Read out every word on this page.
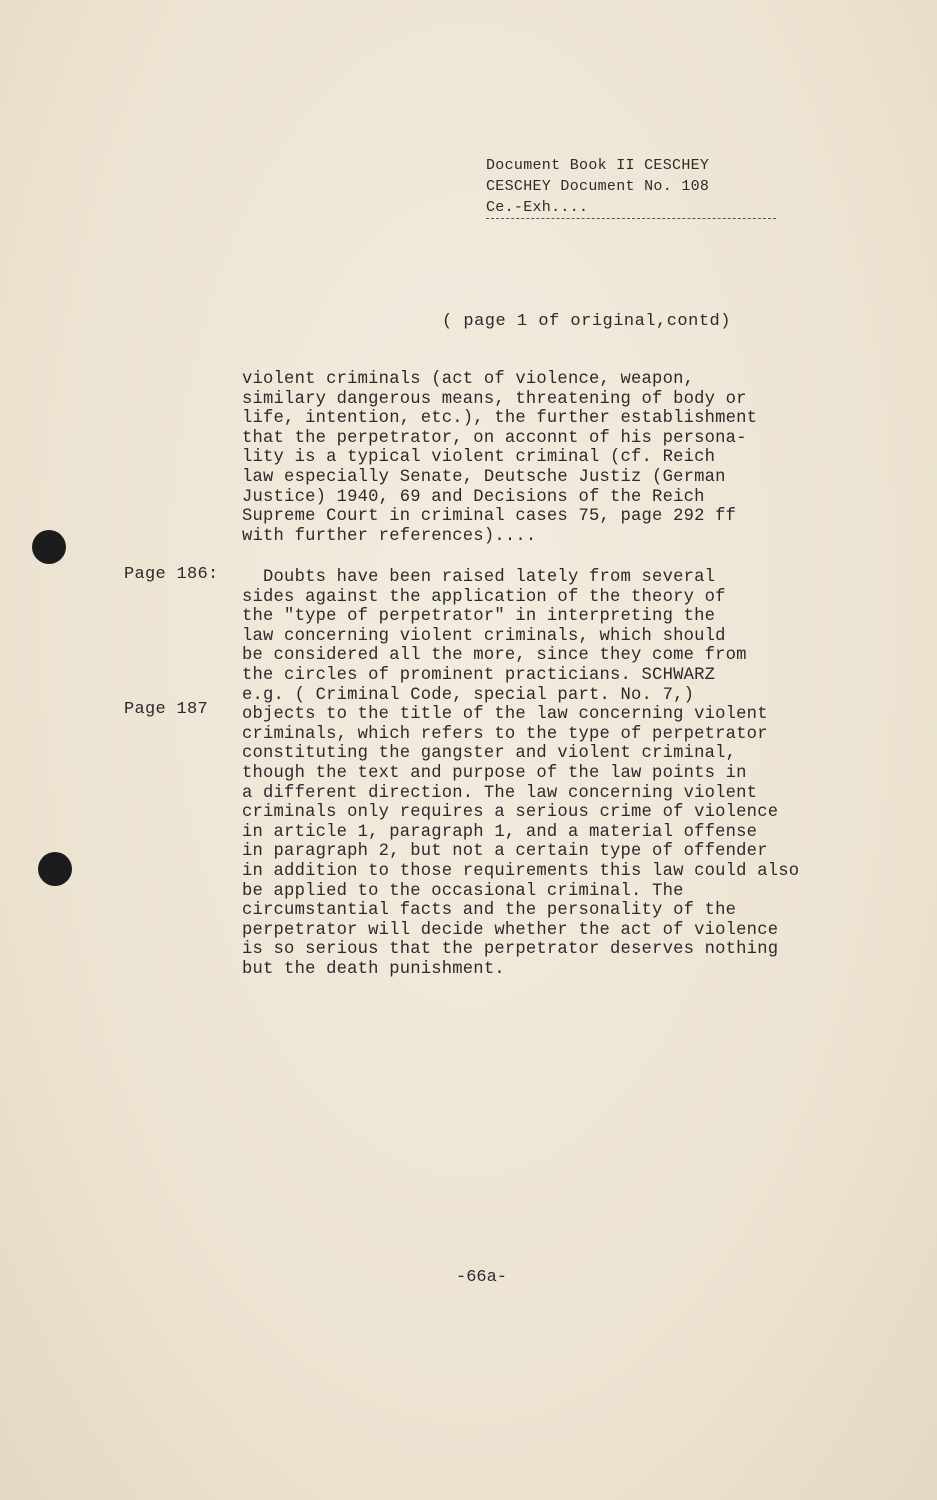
Document Book II CESCHEY
CESCHEY Document No. 108
Ce.-Exh....
( page 1 of original,contd)
violent criminals (act of violence, weapon,
similary dangerous means, threatening of body or
life, intention, etc.), the further establishment
that the perpetrator, on acconnt of his persona-
lity is a typical violent criminal (cf. Reich
law especially Senate, Deutsche Justiz (German
Justice) 1940, 69 and Decisions of the Reich
Supreme Court in criminal cases 75, page 292 ff
with further references)....
Page 186:
Page 187
Doubts have been raised lately from several
sides against the application of the theory of
the "type of perpetrator" in interpreting the
law concerning violent criminals, which should
be considered all the more, since they come from
the circles of prominent practicians. SCHWARZ
e.g. ( Criminal Code, special part. No. 7,)
objects to the title of the law concerning violent
criminals, which refers to the type of perpetrator
constituting the gangster and violent criminal,
though the text and purpose of the law points in
a different direction. The law concerning violent
criminals only requires a serious crime of violence
in article 1, paragraph 1, and a material offense
in paragraph 2, but not a certain type of offender
in addition to those requirements this law could also
be applied to the occasional criminal. The
circumstantial facts and the personality of the
perpetrator will decide whether the act of violence
is so serious that the perpetrator deserves nothing
but the death punishment.
-66a-
